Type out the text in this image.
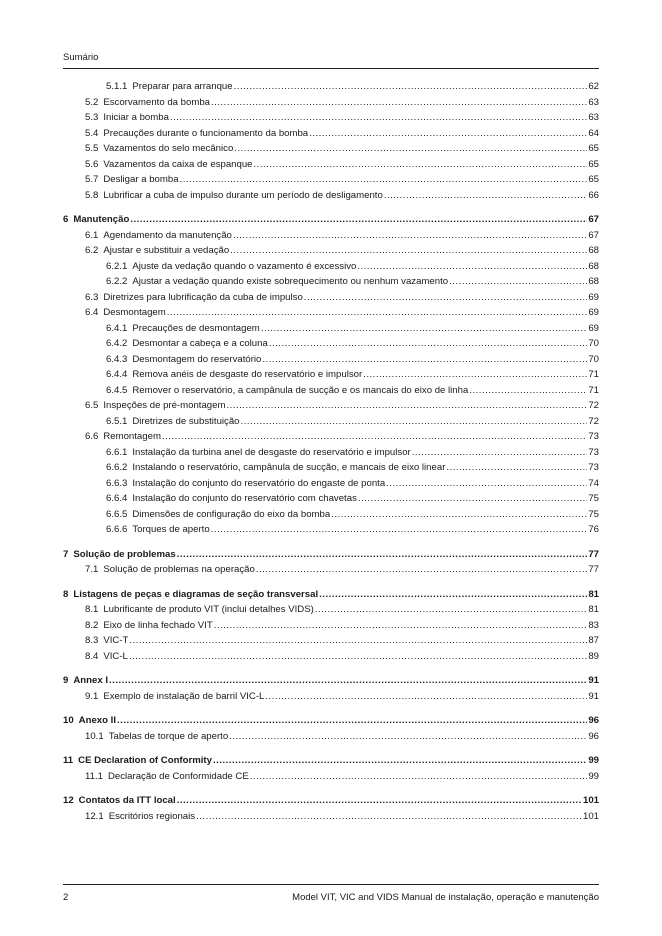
Sumário
5.1.1 Preparar para arranque .....	62
5.2 Escorvamento da bomba .....	63
5.3 Iniciar a bomba .....	63
5.4 Precauções durante o funcionamento da bomba .....	64
5.5 Vazamentos do selo mecânico .....	65
5.6 Vazamentos da caixa de espanque .....	65
5.7 Desligar a bomba .....	65
5.8 Lubrificar a cuba de impulso durante um período de desligamento .....	66
6 Manutenção .....	67
6.1 Agendamento da manutenção .....	67
6.2 Ajustar e substituir a vedação .....	68
6.2.1 Ajuste da vedação quando o vazamento é excessivo .....	68
6.2.2 Ajustar a vedação quando existe sobrequecimento ou nenhum vazamento .....	68
6.3 Diretrizes para lubrificação da cuba de impulso .....	69
6.4 Desmontagem .....	69
6.4.1 Precauções de desmontagem .....	69
6.4.2 Desmontar a cabeça e a coluna .....	70
6.4.3 Desmontagem do reservatório .....	70
6.4.4 Remova anéis de desgaste do reservatório e impulsor .....	71
6.4.5 Remover o reservatório, a campânula de sucção e os mancais do eixo de linha .....	71
6.5 Inspeções de pré-montagem .....	72
6.5.1 Diretrizes de substituição .....	72
6.6 Remontagem .....	73
6.6.1 Instalação da turbina anel de desgaste do reservatório e impulsor .....	73
6.6.2 Instalando o reservatório, campânula de sucção, e mancais de eixo linear .....	73
6.6.3 Instalação do conjunto do reservatório do engaste de ponta .....	74
6.6.4 Instalação do conjunto do reservatório com chavetas .....	75
6.6.5 Dimensões de configuração do eixo da bomba .....	75
6.6.6 Torques de aperto .....	76
7 Solução de problemas .....	77
7.1 Solução de problemas na operação .....	77
8 Listagens de peças e diagramas de seção transversal .....	81
8.1 Lubrificante de produto VIT (inclui detalhes VIDS) .....	81
8.2 Eixo de linha fechado VIT .....	83
8.3 VIC-T .....	87
8.4 VIC-L .....	89
9 Annex I .....	91
9.1 Exemplo de instalação de barril VIC-L .....	91
10 Anexo II .....	96
10.1 Tabelas de torque de aperto .....	96
11 CE Declaration of Conformity .....	99
11.1 Declaração de Conformidade CE .....	99
12 Contatos da ITT local .....	101
12.1 Escritórios regionais .....	101
2	Model VIT, VIC and VIDS Manual de instalação, operação e manutenção
